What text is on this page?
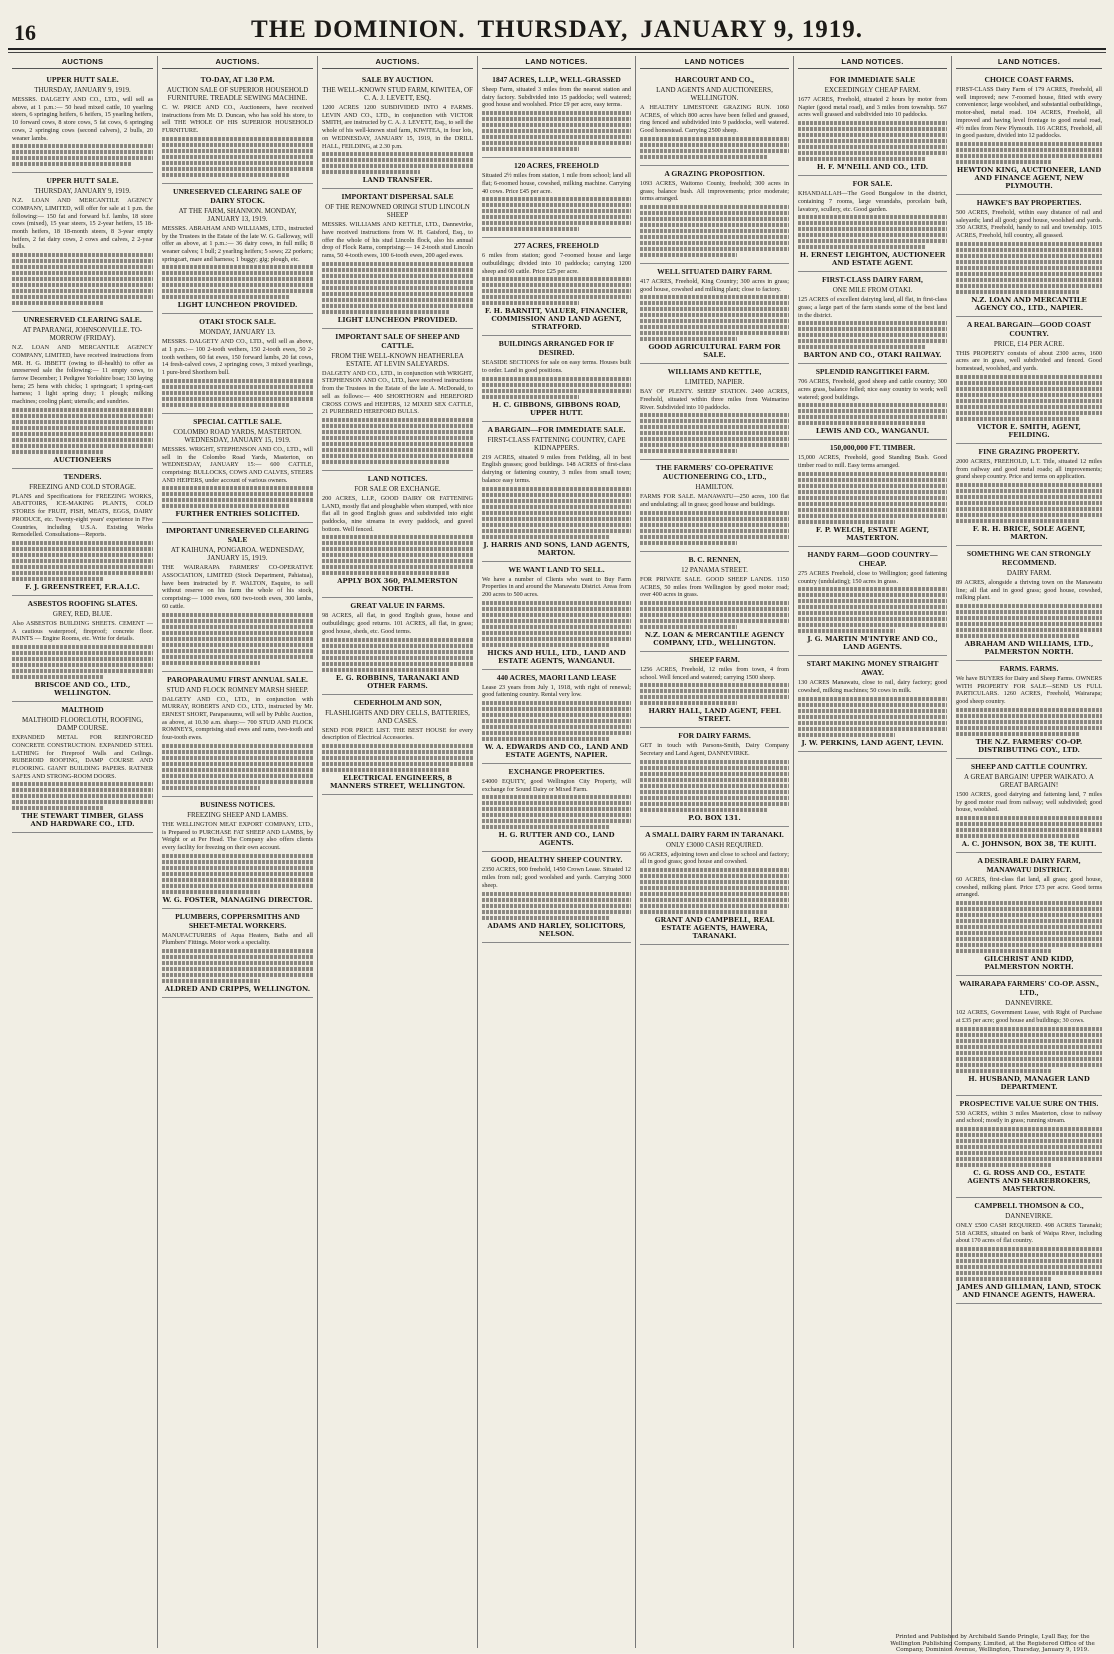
16	THE DOMINION. THURSDAY, JANUARY 9, 1919.
AUCTIONS
UPPER HUTT SALE.
THURSDAY, JANUARY 9, 1919.

MESSRS. DALGETY AND CO., LTD., will sell as above, at 1 p.m.:— 50 head mixed cattle, 10 yearling steers, 6 springing heifers, 6 heifers, 15 yearling heifers, 10 forward cows, 8 store cows, 5 fat cows, 6 springing cows, 2 springing cows (second calvers), 2 bulls, 20 weaner lambs.

UPPER HUTT SALE.
THURSDAY, JANUARY 9, 1919.

N.Z. LOAN AND MERCANTILE AGENCY COMPANY, LIMITED, will offer for sale at 1 p.m. the following:— 150 fat and forward b.f. lambs, 18 store cows (mixed), 15 year steers, 15 2-year heifers, 15 18-month heifers, 18 18-month steers, 8 3-year empty heifers, 2 fat dairy cows, 2 cows and calves, 2 2-year bulls.

UNRESERVED CLEARING SALE.
AT PAPARANGI, JOHNSONVILLE. TO-MORROW (FRIDAY).

N.Z. LOAN AND MERCANTILE AGENCY COMPANY, LIMITED, have received instructions from MR. H. G. IBBETT (owing to ill-health) to offer as unreserved sale the following:— 11 empty cows, to farrow December; 1 Pedigree Yorkshire boar; 130 laying hens; 25 hens with chicks; 1 springcart; 1 spring-cart harness; 1 light spring dray; 1 plough; milking machines; cooling plant; utensils; and sundries.

AUCTIONEERS
TENDERS.
FREEZING AND COLD STORAGE.

PLANS and Specifications for FREEZING WORKS, ABATTOIRS, ICE-MAKING PLANTS, COLD STORES for FRUIT, FISH, MEATS, EGGS, DAIRY PRODUCE, etc. Twenty-eight years' experience in Five Countries, including U.S.A. Existing Works Remodelled. Consultations—Reports.

F. J. GREENSTREET, F.R.A.I.C.
ASBESTOS ROOFING SLATES.
GREY, RED, BLUE.

Also ASBESTOS BUILDING SHEETS. CEMENT — A cautious waterproof, fireproof; concrete floor. PAINTS — Engine Rooms, etc. Write for details.

BRISCOE AND CO., LTD., WELLINGTON.
MALTHOID
MALTHOID FLOORCLOTH, ROOFING, DAMP COURSE.

EXPANDED METAL FOR REINFORCED CONCRETE CONSTRUCTION. EXPANDED STEEL LATHING for Fireproof Walls and Ceilings. RUBEROID ROOFING, DAMP COURSE AND FLOORING. GIANT BUILDING PAPERS. RATNER SAFES AND STRONG-ROOM DOORS.

THE STEWART TIMBER, GLASS AND HARDWARE CO., LTD.
AUCTIONS.
TO-DAY, AT 1.30 P.M.
AUCTION SALE OF SUPERIOR HOUSEHOLD FURNITURE. TREADLE SEWING MACHINE.

C. W. PRICE AND CO., Auctioneers, have received instructions from Mr. D. Duncan, who has sold his store, to sell THE WHOLE OF HIS SUPERIOR HOUSEHOLD FURNITURE.

UNRESERVED CLEARING SALE OF DAIRY STOCK.
AT THE FARM, SHANNON. MONDAY, JANUARY 13, 1919.

MESSRS. ABRAHAM AND WILLIAMS, LTD., instructed by the Trustees in the Estate of the late W. G. Galloway, will offer as above, at 1 p.m.:— 36 dairy cows, in full milk; 8 weaner calves; 1 bull; 2 yearling heifers; 5 sows; 22 porkers; springcart, mare and harness; 1 buggy; gig; plough, etc.

LIGHT LUNCHEON PROVIDED.
OTAKI STOCK SALE.
MONDAY, JANUARY 13.

MESSRS. DALGETY AND CO., LTD., will sell as above, at 1 p.m.:— 100 2-tooth wethers, 150 2-tooth ewes, 50 2-tooth wethers, 60 fat ewes, 150 forward lambs, 20 fat cows, 14 fresh-calved cows, 2 springing cows, 3 mixed yearlings, 1 pure-bred Shorthorn bull.

SPECIAL CATTLE SALE.
COLOMBO ROAD YARDS, MASTERTON. WEDNESDAY, JANUARY 15, 1919.

MESSRS. WRIGHT, STEPHENSON AND CO., LTD., will sell in the Colombo Road Yards, Masterton, on WEDNESDAY, JANUARY 15:— 600 CATTLE, comprising: BULLOCKS, COWS AND CALVES, STEERS AND HEIFERS, under account of various owners.

FURTHER ENTRIES SOLICITED.
IMPORTANT UNRESERVED CLEARING SALE
AT KAIHUNA, PONGAROA. WEDNESDAY, JANUARY 15, 1919.

THE WAIRARAPA FARMERS' CO-OPERATIVE ASSOCIATION, LIMITED (Stock Department, Pahiatua), have been instructed by F. WALTON, Esquire, to sell without reserve on his farm the whole of his stock, comprising:— 1000 ewes, 600 two-tooth ewes, 300 lambs, 60 cattle.

PAROPARAUMU FIRST ANNUAL SALE.
STUD AND FLOCK ROMNEY MARSH SHEEP.

DALGETY AND CO., LTD., in conjunction with MURRAY, ROBERTS AND CO., LTD., instructed by Mr. ERNEST SHORT, Paraparaumu, will sell by Public Auction, as above, at 10.30 a.m. sharp:— 700 STUD AND FLOCK ROMNEYS, comprising stud ewes and rams, two-tooth and four-tooth ewes.

BUSINESS NOTICES.
FREEZING SHEEP AND LAMBS.

THE WELLINGTON MEAT EXPORT COMPANY, LTD., is Prepared to PURCHASE FAT SHEEP AND LAMBS, by Weight or at Per Head. The Company also offers clients every facility for freezing on their own account.

W. G. FOSTER, MANAGING DIRECTOR.
PLUMBERS, COPPERSMITHS AND SHEET-METAL WORKERS.

MANUFACTURERS of Aqua Heaters, Baths and all Plumbers' Fittings. Motor work a speciality.

ALDRED AND CRIPPS, WELLINGTON.
AUCTIONS.
SALE BY AUCTION.
THE WELL-KNOWN STUD FARM, KIWITEA, OF C. A. J. LEVETT, ESQ.

1200 ACRES 1200 SUBDIVIDED INTO 4 FARMS. LEVIN AND CO., LTD., in conjunction with VICTOR SMITH, are instructed by C. A. J. LEVETT, Esq., to sell the whole of his well-known stud farm, KIWITEA, in four lots, on WEDNESDAY, JANUARY 15, 1919, in the DRILL HALL, FEILDING, at 2.30 p.m.

LAND TRANSFER.
IMPORTANT DISPERSAL SALE
OF THE RENOWNED ORINGI STUD LINCOLN SHEEP

MESSRS. WILLIAMS AND KETTLE, LTD., Dannevirke, have received instructions from W. H. Gaisford, Esq., to offer the whole of his stud Lincoln flock, also his annual drop of Flock Rams, comprising:— 14 2-tooth stud Lincoln rams, 50 4-tooth ewes, 100 6-tooth ewes, 200 aged ewes.

LIGHT LUNCHEON PROVIDED.
IMPORTANT SALE OF SHEEP AND CATTLE.
FROM THE WELL-KNOWN HEATHERLEA ESTATE. AT LEVIN SALEYARDS.

DALGETY AND CO., LTD., in conjunction with WRIGHT, STEPHENSON AND CO., LTD., have received instructions from the Trustees in the Estate of the late A. McDonald, to sell as follows:— 400 SHORTHORN and HEREFORD CROSS COWS and HEIFERS, 12 MIXED SEX CATTLE, 21 PUREBRED HEREFORD BULLS.

LAND NOTICES.
FOR SALE OR EXCHANGE.

200 ACRES, L.I.P., GOOD DAIRY OR FATTENING LAND, mostly flat and ploughable when stumped, with nice flat all in good English grass and subdivided into eight paddocks, nine streams in every paddock, and gravel bottom. Well fenced.

APPLY BOX 360, PALMERSTON NORTH.
GREAT VALUE IN FARMS.

98 ACRES, all flat, in good English grass, house and outbuildings; good returns. 101 ACRES, all flat, in grass; good house, sheds, etc. Good terms.

E. G. ROBBINS, TARANAKI AND OTHER FARMS.
CEDERHOLM AND SON,
FLASHLIGHTS AND DRY CELLS, BATTERIES, AND CASES.

SEND FOR PRICE LIST. THE BEST HOUSE for every description of Electrical Accessories.

ELECTRICAL ENGINEERS, 8 MANNERS STREET, WELLINGTON.
LAND NOTICES.
1847 ACRES, L.I.P., WELL-GRASSED

Sheep Farm, situated 3 miles from the nearest station and dairy factory. Subdivided into 15 paddocks; well watered; good house and woolshed. Price £9 per acre, easy terms.

120 ACRES, FREEHOLD

Situated 2½ miles from station, 1 mile from school; land all flat; 6-roomed house, cowshed, milking machine. Carrying 40 cows. Price £45 per acre.

277 ACRES, FREEHOLD

6 miles from station; good 7-roomed house and large outbuildings; divided into 10 paddocks; carrying 1200 sheep and 60 cattle. Price £25 per acre.

F. H. BARNITT, VALUER, FINANCIER, COMMISSION AND LAND AGENT, STRATFORD.
BUILDINGS ARRANGED FOR IF DESIRED.

SEASIDE SECTIONS for sale on easy terms. Houses built to order. Land in good positions.

H. C. GIBBONS, GIBBONS ROAD, UPPER HUTT.
A BARGAIN—FOR IMMEDIATE SALE.
FIRST-CLASS FATTENING COUNTRY, CAPE KIDNAPPERS.

219 ACRES, situated 9 miles from Feilding, all in best English grasses; good buildings. 148 ACRES of first-class dairying or fattening country, 3 miles from small town; balance easy terms.

J. HARRIS AND SONS, LAND AGENTS, MARTON.
WE WANT LAND TO SELL.

We have a number of Clients who want to Buy Farm Properties in and around the Manawatu District. Areas from 200 acres to 500 acres.

HICKS AND HULL, LTD., LAND AND ESTATE AGENTS, WANGANUI.
440 ACRES, MAORI LAND LEASE

Lease 23 years from July 1, 1918, with right of renewal; good fattening country. Rental very low.

W. A. EDWARDS AND CO., LAND AND ESTATE AGENTS, NAPIER.
EXCHANGE PROPERTIES.

£4000 EQUITY, good Wellington City Property, will exchange for Sound Dairy or Mixed Farm.

H. G. RUTTER AND CO., LAND AGENTS.
GOOD, HEALTHY SHEEP COUNTRY.

2350 ACRES, 900 freehold, 1450 Crown Lease. Situated 12 miles from rail; good woolshed and yards. Carrying 3000 sheep.

ADAMS AND HARLEY, SOLICITORS, NELSON.
LAND NOTICES
HARCOURT AND CO.,
LAND AGENTS AND AUCTIONEERS, WELLINGTON.

A HEALTHY LIMESTONE GRAZING RUN. 1060 ACRES, of which 800 acres have been felled and grassed, ring fenced and subdivided into 9 paddocks, well watered. Good homestead. Carrying 2500 sheep.

A GRAZING PROPOSITION.

1093 ACRES, Waitomo County, freehold; 300 acres in grass; balance bush. All improvements; price moderate; terms arranged.

WELL SITUATED DAIRY FARM.

417 ACRES, Freehold, King Country; 300 acres in grass; good house, cowshed and milking plant; close to factory.

GOOD AGRICULTURAL FARM FOR SALE.
WILLIAMS AND KETTLE,
LIMITED, NAPIER.

BAY OF PLENTY. SHEEP STATION. 2400 ACRES, Freehold, situated within three miles from Waimarino River. Subdivided into 10 paddocks.

THE FARMERS' CO-OPERATIVE AUCTIONEERING CO., LTD.,
HAMILTON.

FARMS FOR SALE. MANAWATU—250 acres, 100 flat and undulating; all in grass; good house and buildings.

B. C. RENNEN,
12 PANAMA STREET.

FOR PRIVATE SALE. GOOD SHEEP LANDS. 1150 ACRES, 50 miles from Wellington by good motor road; over 400 acres in grass.

N.Z. LOAN & MERCANTILE AGENCY COMPANY, LTD., WELLINGTON.
SHEEP FARM.

1256 ACRES, Freehold, 12 miles from town, 4 from school. Well fenced and watered; carrying 1500 sheep.

HARRY HALL, LAND AGENT, FEEL STREET.
FOR DAIRY FARMS.

GET in touch with Parsons-Smith, Dairy Company Secretary and Land Agent, DANNEVIRKE.

P.O. BOX 131.
A SMALL DAIRY FARM IN TARANAKI.
ONLY £3000 CASH REQUIRED.

66 ACRES, adjoining town and close to school and factory; all in good grass; good house and cowshed.

GRANT AND CAMPBELL, REAL ESTATE AGENTS, HAWERA, TARANAKI.
LAND NOTICES.
FOR IMMEDIATE SALE
EXCEEDINGLY CHEAP FARM.

1677 ACRES, Freehold, situated 2 hours by motor from Napier (good metal road), and 3 miles from township. 567 acres well grassed and subdivided into 10 paddocks.

H. F. M'NEILL AND CO., LTD.
FOR SALE.

KHANDALLAH—The Good Bungalow in the district, containing 7 rooms, large verandahs, porcelain bath, lavatory, scullery, etc. Good garden.

H. ERNEST LEIGHTON, AUCTIONEER AND ESTATE AGENT.
FIRST-CLASS DAIRY FARM,
ONE MILE FROM OTAKI.

125 ACRES of excellent dairying land, all flat, in first-class grass; a large part of the farm stands some of the best land in the district.

BARTON AND CO., OTAKI RAILWAY.
SPLENDID RANGITIKEI FARM.

706 ACRES, Freehold, good sheep and cattle country; 300 acres grass, balance felled; nice easy country to work; well watered; good buildings.

LEWIS AND CO., WANGANUI.
150,000,000 FT. TIMBER.

15,000 ACRES, Freehold, good Standing Bush. Good timber road to mill. Easy terms arranged.

F. P. WELCH, ESTATE AGENT, MASTERTON.
HANDY FARM—GOOD COUNTRY—CHEAP.

275 ACRES Freehold, close to Wellington; good fattening country (undulating); 150 acres in grass.

J. G. MARTIN M'INTYRE AND CO., LAND AGENTS.
START MAKING MONEY STRAIGHT AWAY.

130 ACRES Manawatu, close to rail, dairy factory; good cowshed, milking machines; 50 cows in milk.

J. W. PERKINS, LAND AGENT, LEVIN.
LAND NOTICES.
CHOICE COAST FARMS.

FIRST-CLASS Dairy Farm of 179 ACRES, Freehold, all well improved; new 7-roomed house, fitted with every convenience; large woolshed, and substantial outbuildings, motor-shed, metal road. 104 ACRES, Freehold, all improved and having level frontage to good metal road, 4½ miles from New Plymouth. 116 ACRES, Freehold, all in good pasture, divided into 12 paddocks.

HEWTON KING, AUCTIONEER, LAND AND FINANCE AGENT, NEW PLYMOUTH.
HAWKE'S BAY PROPERTIES.

500 ACRES, Freehold, within easy distance of rail and saleyards; land all good; good house, woolshed and yards. 350 ACRES, Freehold, handy to rail and township. 1015 ACRES, Freehold, hill country, all grassed.

N.Z. LOAN AND MERCANTILE AGENCY CO., LTD., NAPIER.
A REAL BARGAIN—GOOD COAST COUNTRY.
PRICE, £14 PER ACRE.

THIS PROPERTY consists of about 2300 acres, 1600 acres are in grass, well subdivided and fenced. Good homestead, woolshed, and yards.

VICTOR E. SMITH, AGENT, FEILDING.
FINE GRAZING PROPERTY.

2000 ACRES, FREEHOLD, L.T. Title, situated 12 miles from railway and good metal roads; all improvements; grand sheep country. Price and terms on application.

F. R. H. BRICE, SOLE AGENT, MARTON.
SOMETHING WE CAN STRONGLY RECOMMEND.
DAIRY FARM.

89 ACRES, alongside a thriving town on the Manawatu line; all flat and in good grass; good house, cowshed, milking plant.

ABRAHAM AND WILLIAMS, LTD., PALMERSTON NORTH.
FARMS. FARMS.

We have BUYERS for Dairy and Sheep Farms. OWNERS WITH PROPERTY FOR SALE—SEND US FULL PARTICULARS. 1260 ACRES, Freehold, Wairarapa; good sheep country.

THE N.Z. FARMERS' CO-OP. DISTRIBUTING COY., LTD.
SHEEP AND CATTLE COUNTRY.
A GREAT BARGAIN! UPPER WAIKATO. A GREAT BARGAIN!

1500 ACRES, good dairying and fattening land, 7 miles by good motor road from railway; well subdivided; good house, woolshed.

A. C. JOHNSON, BOX 38, TE KUITI.
A DESIRABLE DAIRY FARM, MANAWATU DISTRICT.

60 ACRES, first-class flat land, all grass; good house, cowshed, milking plant. Price £73 per acre. Good terms arranged.

GILCHRIST AND KIDD, PALMERSTON NORTH.
WAIRARAPA FARMERS' CO-OP. ASSN., LTD.,
DANNEVIRKE.

102 ACRES, Government Lease, with Right of Purchase at £35 per acre; good house and buildings; 30 cows.

H. HUSBAND, MANAGER LAND DEPARTMENT.
PROSPECTIVE VALUE SURE ON THIS.

530 ACRES, within 3 miles Masterton, close to railway and school; mostly in grass; running stream.

C. G. ROSS AND CO., ESTATE AGENTS AND SHAREBROKERS, MASTERTON.
CAMPBELL THOMSON & CO.,
DANNEVIRKE.

ONLY £500 CASH REQUIRED. 498 ACRES Taranaki; 518 ACRES, situated on bank of Waipa River, including about 170 acres of flat country.

JAMES AND GILLMAN, LAND, STOCK AND FINANCE AGENTS, HAWERA.
Printed and Published by Archibald Sando Pringle, Lyall Bay, for the Wellington Publishing Company, Limited, at the Registered Office of the Company, Dominion Avenue, Wellington, Thursday, January 9, 1919.
